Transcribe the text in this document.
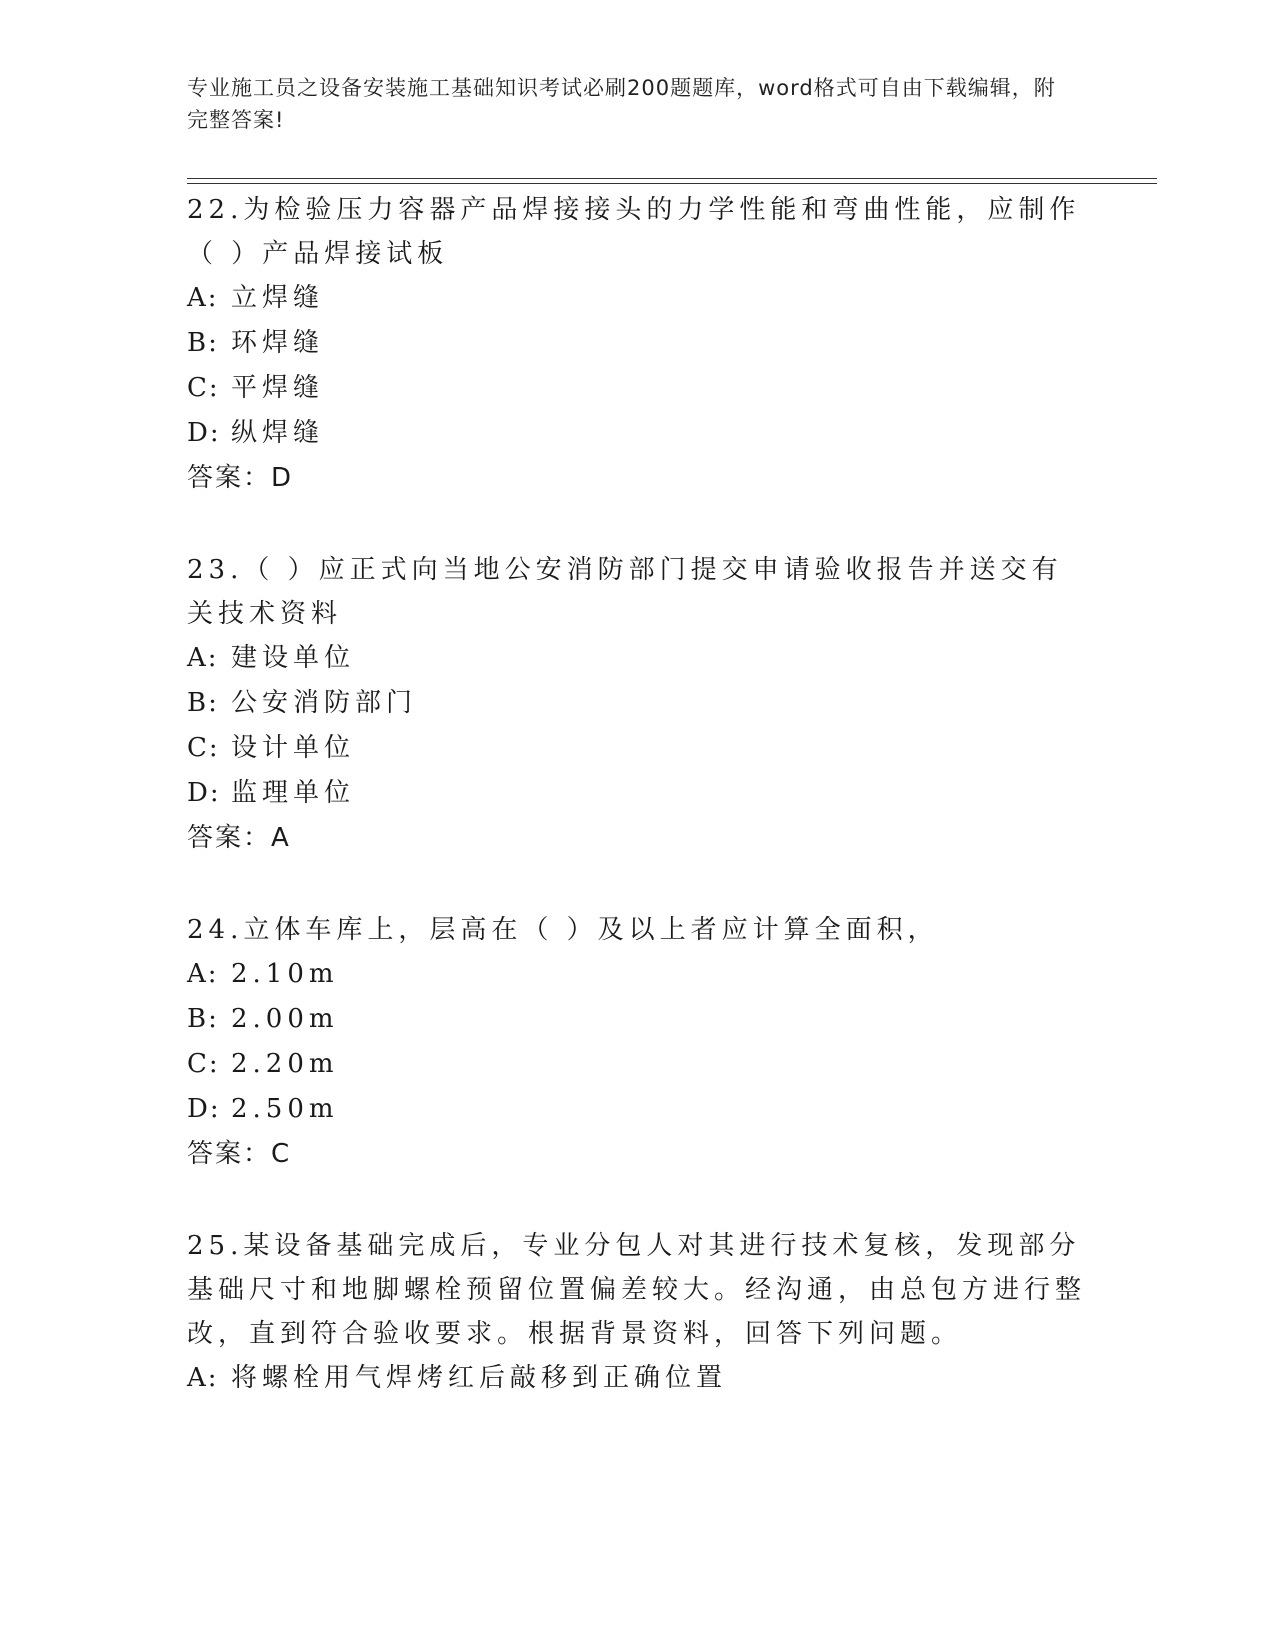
专业施工员之设备安装施工基础知识考试必刷200题题库，word格式可自由下载编辑，附完整答案!
22.为检验压力容器产品焊接接头的力学性能和弯曲性能，应制作（ ）产品焊接试板
A: 立焊缝
B: 环焊缝
C: 平焊缝
D: 纵焊缝
答案：D
23.（ ）应正式向当地公安消防部门提交申请验收报告并送交有关技术资料
A: 建设单位
B: 公安消防部门
C: 设计单位
D: 监理单位
答案：A
24.立体车库上，层高在（ ）及以上者应计算全面积，
A: 2.10m
B: 2.00m
C: 2.20m
D: 2.50m
答案：C
25.某设备基础完成后，专业分包人对其进行技术复核，发现部分基础尺寸和地脚螺栓预留位置偏差较大。经沟通，由总包方进行整改，直到符合验收要求。根据背景资料，回答下列问题。
A: 将螺栓用气焊烤红后敲移到正确位置
